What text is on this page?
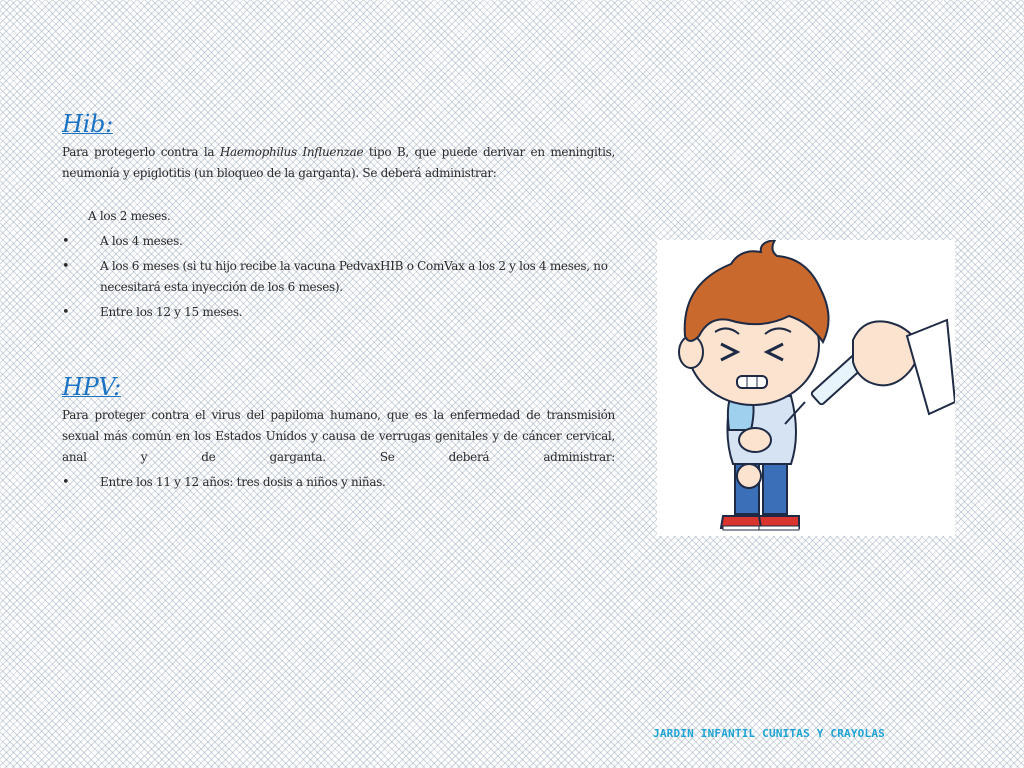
Hib:

Para protegerlo contra la Haemophilus Influenzae tipo B, que puede derivar en meningitis, neumonía y epiglotitis (un bloqueo de la garganta). Se deberá administrar:

A los 2 meses.

• A los 4 meses.
• A los 6 meses (si tu hijo recibe la vacuna PedvaxHIB o ComVax a los 2 y los 4 meses, no necesitará esta inyección de los 6 meses).
• Entre los 12 y 15 meses.
HPV:

Para proteger contra el virus del papiloma humano, que es la enfermedad de transmisión sexual más común en los Estados Unidos y causa de verrugas genitales y de cáncer cervical, anal y de garganta. Se deberá administrar:

• Entre los 11 y 12 años: tres dosis a niños y niñas.
JARDIN INFANTIL CUNITAS Y CRAYOLAS
